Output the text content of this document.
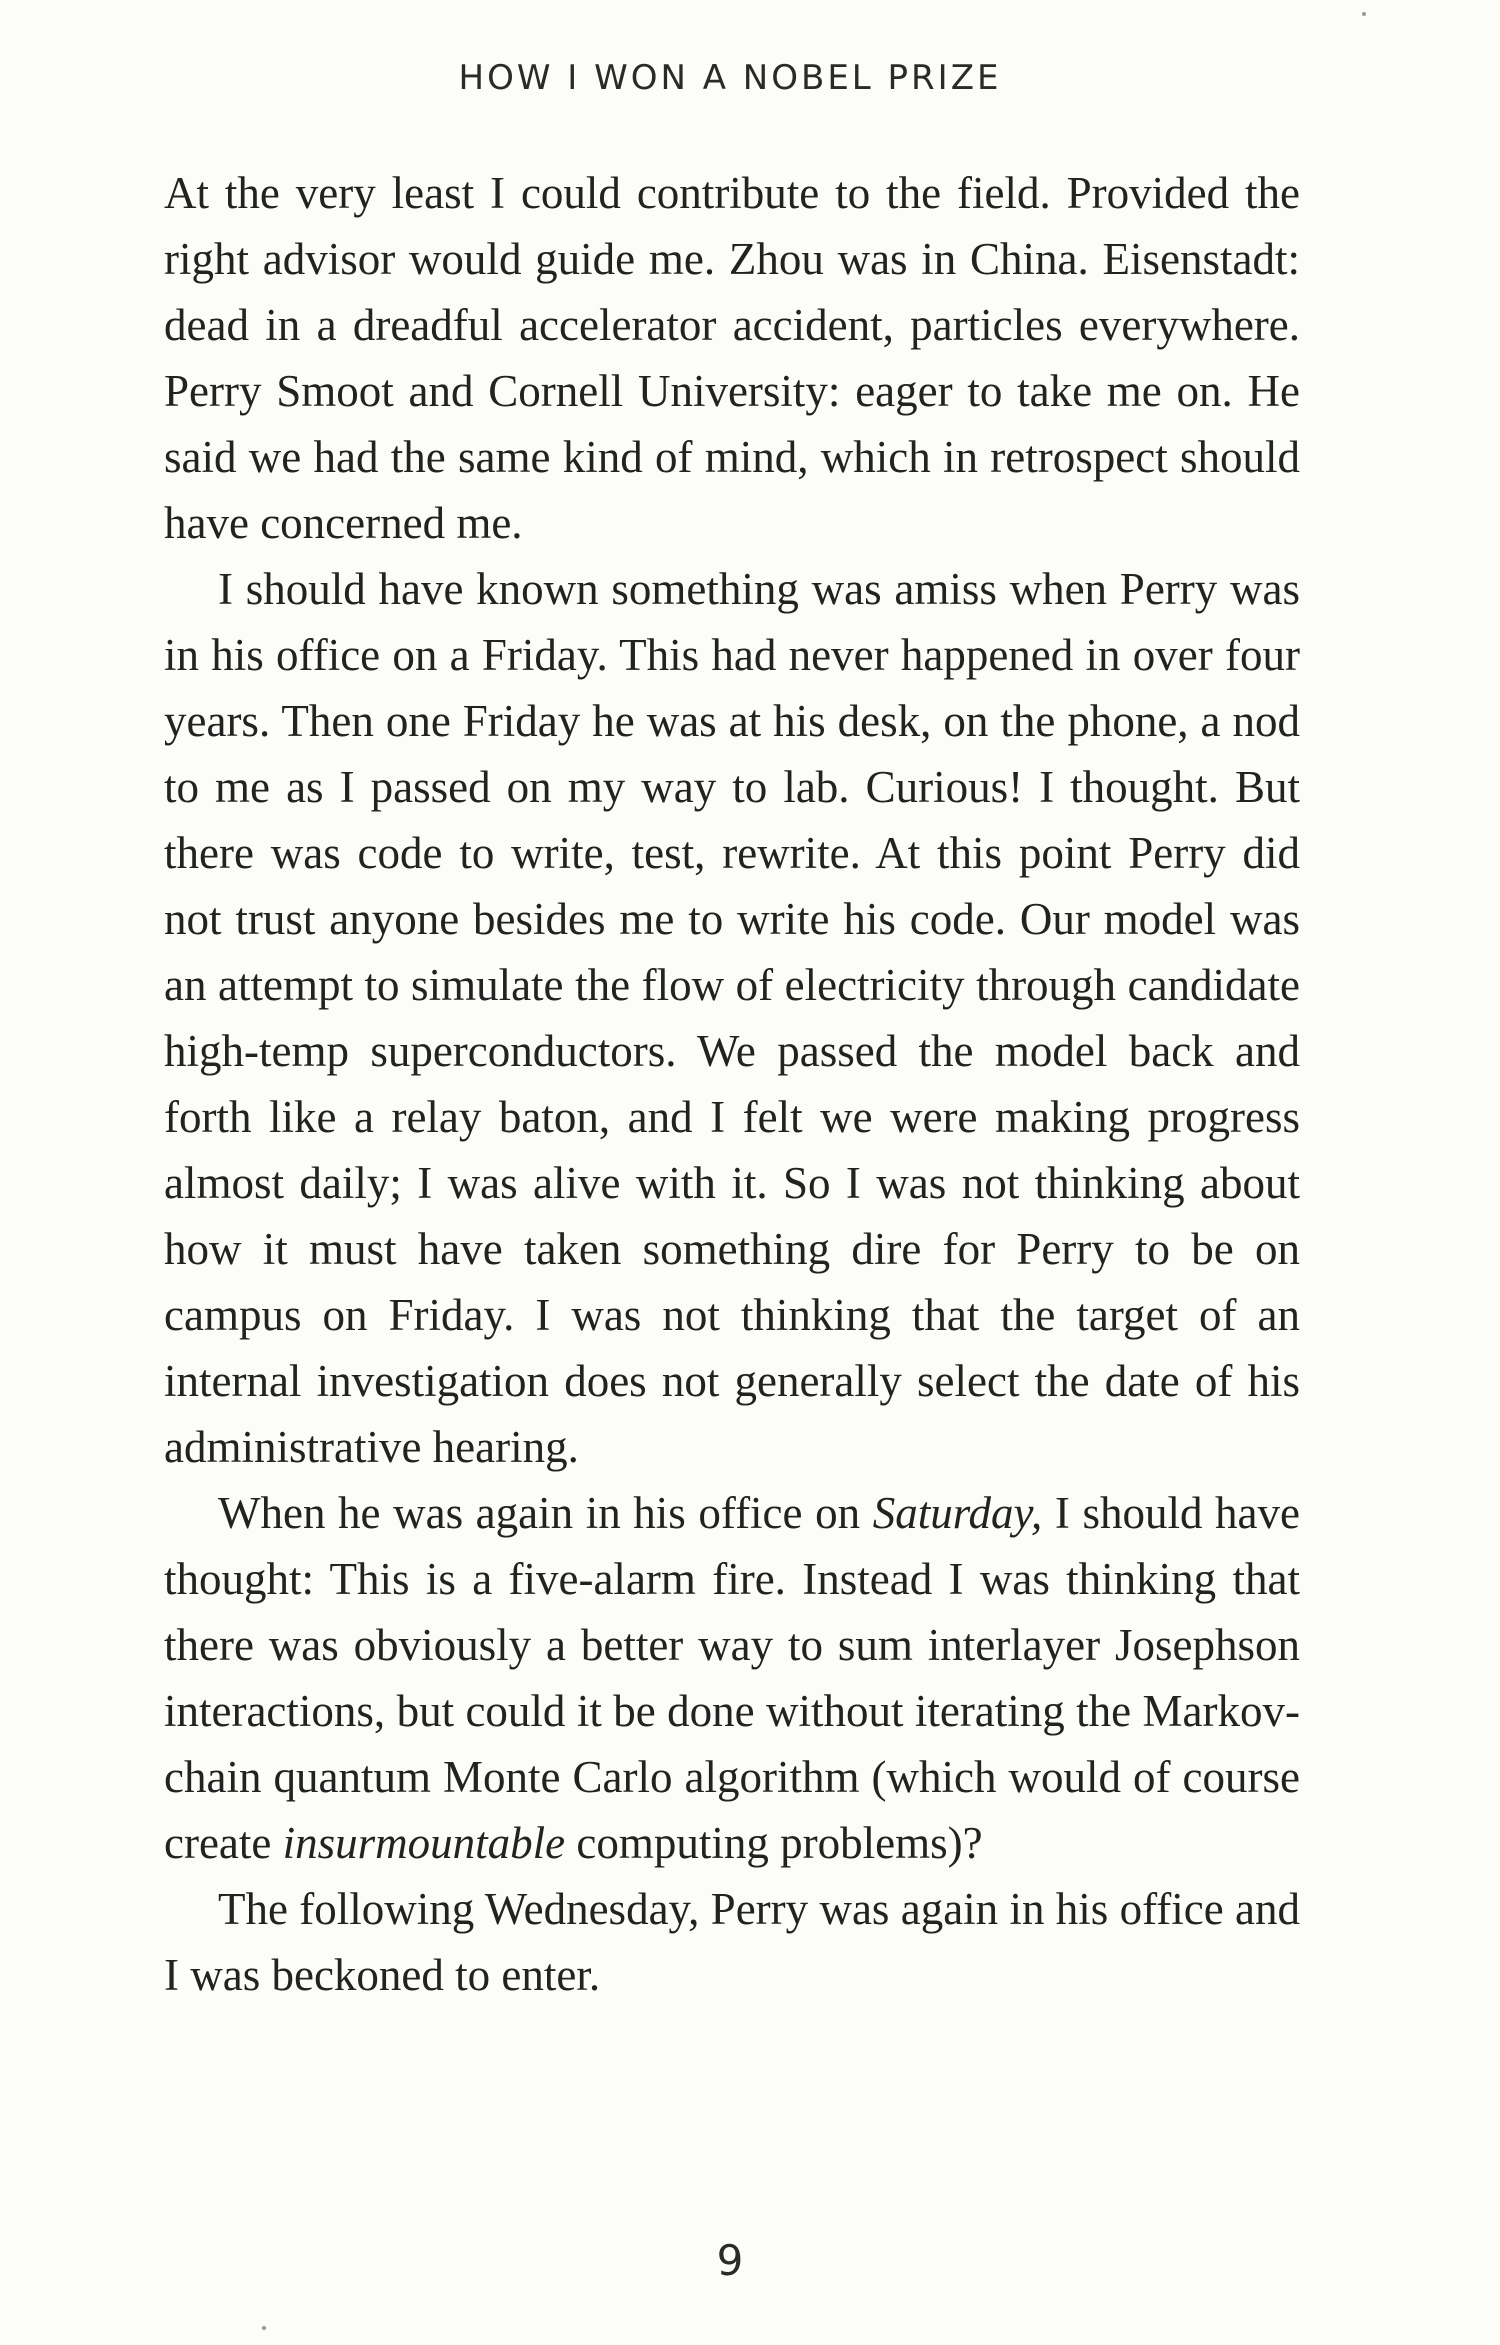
HOW I WON A NOBEL PRIZE

At the very least I could contribute to the field. Provided the right advisor would guide me. Zhou was in China. Eisenstadt: dead in a dreadful accelerator accident, particles everywhere. Perry Smoot and Cornell University: eager to take me on. He said we had the same kind of mind, which in retrospect should have concerned me.

I should have known something was amiss when Perry was in his office on a Friday. This had never happened in over four years. Then one Friday he was at his desk, on the phone, a nod to me as I passed on my way to lab. Curious! I thought. But there was code to write, test, rewrite. At this point Perry did not trust anyone besides me to write his code. Our model was an attempt to simulate the flow of electricity through candidate high-temp superconductors. We passed the model back and forth like a relay baton, and I felt we were making progress almost daily; I was alive with it. So I was not thinking about how it must have taken something dire for Perry to be on campus on Friday. I was not thinking that the target of an internal investigation does not generally select the date of his administrative hearing.

When he was again in his office on Saturday, I should have thought: This is a five-alarm fire. Instead I was thinking that there was obviously a better way to sum interlayer Josephson interactions, but could it be done without iterating the Markov-chain quantum Monte Carlo algorithm (which would of course create insurmountable computing problems)?

The following Wednesday, Perry was again in his office and I was beckoned to enter.

9
